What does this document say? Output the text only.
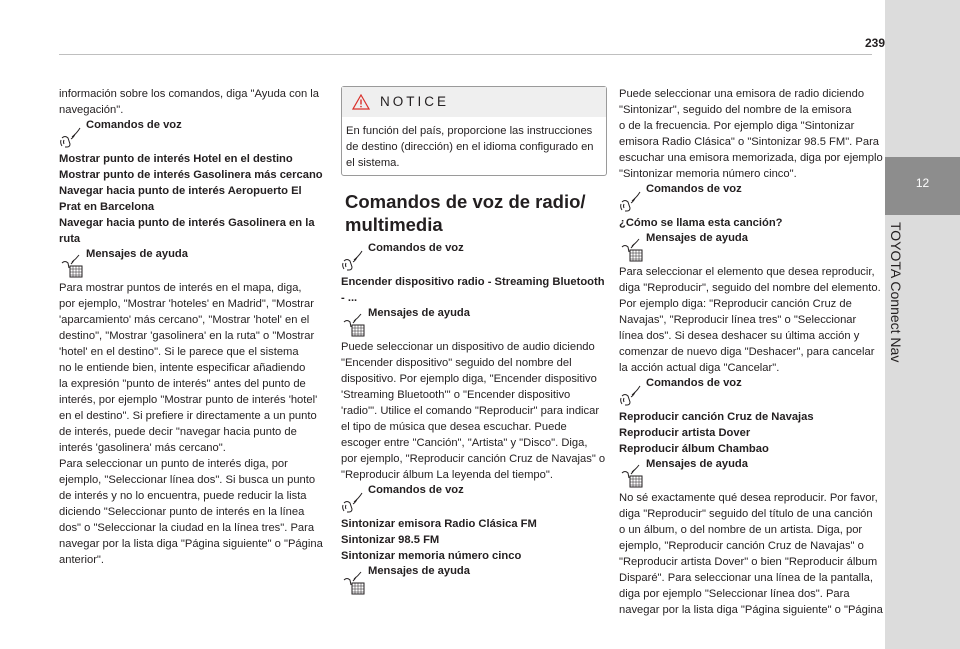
12
TOYOTA Connect Nav
239

información sobre los comandos, diga "Ayuda con la

navegación".

Comandos de voz

Mostrar punto de interés Hotel en el destino

Mostrar punto de interés Gasolinera más cercano

Navegar hacia punto de interés Aeropuerto El

Prat en Barcelona

Navegar hacia punto de interés Gasolinera en la

ruta

Mensajes de ayuda

Para mostrar puntos de interés en el mapa, diga,

por ejemplo, "Mostrar 'hoteles' en Madrid", "Mostrar

'aparcamiento' más cercano", "Mostrar 'hotel' en el

destino", "Mostrar 'gasolinera' en la ruta" o "Mostrar

'hotel' en el destino". Si le parece que el sistema

no le entiende bien, intente especificar añadiendo

la expresión "punto de interés" antes del punto de

interés, por ejemplo "Mostrar punto de interés 'hotel'

en el destino". Si prefiere ir directamente a un punto

de interés, puede decir "navegar hacia punto de

interés 'gasolinera' más cercano".

Para seleccionar un punto de interés diga, por

ejemplo, "Seleccionar línea dos". Si busca un punto

de interés y no lo encuentra, puede reducir la lista

diciendo "Seleccionar punto de interés en la línea

dos" o "Seleccionar la ciudad en la línea tres". Para

navegar por la lista diga "Página siguiente" o "Página

anterior".

NOTICE

En función del país, proporcione las instrucciones

de destino (dirección) en el idioma configurado en

el sistema.

Comandos de voz de radio/
multimedia
Comandos de voz

Encender dispositivo radio - Streaming Bluetooth

- ...

Mensajes de ayuda

Puede seleccionar un dispositivo de audio diciendo

"Encender dispositivo" seguido del nombre del

dispositivo. Por ejemplo diga, "Encender dispositivo

'Streaming Bluetooth'" o "Encender dispositivo

'radio'". Utilice el comando "Reproducir" para indicar

el tipo de música que desea escuchar. Puede

escoger entre "Canción", "Artista" y "Disco". Diga,

por ejemplo, "Reproducir canción Cruz de Navajas" o

"Reproducir álbum La leyenda del tiempo".

Comandos de voz

Sintonizar emisora Radio Clásica FM

Sintonizar 98.5 FM

Sintonizar memoria número cinco

Mensajes de ayuda

Puede seleccionar una emisora de radio diciendo

"Sintonizar", seguido del nombre de la emisora

o de la frecuencia. Por ejemplo diga "Sintonizar

emisora Radio Clásica" o "Sintonizar 98.5 FM". Para

escuchar una emisora memorizada, diga por ejemplo

"Sintonizar memoria número cinco".

Comandos de voz

¿Cómo se llama esta canción?

Mensajes de ayuda

Para seleccionar el elemento que desea reproducir,

diga "Reproducir", seguido del nombre del elemento.

Por ejemplo diga: "Reproducir canción Cruz de

Navajas", "Reproducir línea tres" o "Seleccionar

línea dos". Si desea deshacer su última acción y

comenzar de nuevo diga "Deshacer", para cancelar

la acción actual diga "Cancelar".

Comandos de voz

Reproducir canción Cruz de Navajas

Reproducir artista Dover

Reproducir álbum Chambao

Mensajes de ayuda

No sé exactamente qué desea reproducir. Por favor,

diga "Reproducir" seguido del título de una canción

o un álbum, o del nombre de un artista. Diga, por

ejemplo, "Reproducir canción Cruz de Navajas" o

"Reproducir artista Dover" o bien "Reproducir álbum

Disparé". Para seleccionar una línea de la pantalla,

diga por ejemplo "Seleccionar línea dos". Para

navegar por la lista diga "Página siguiente" o "Página
